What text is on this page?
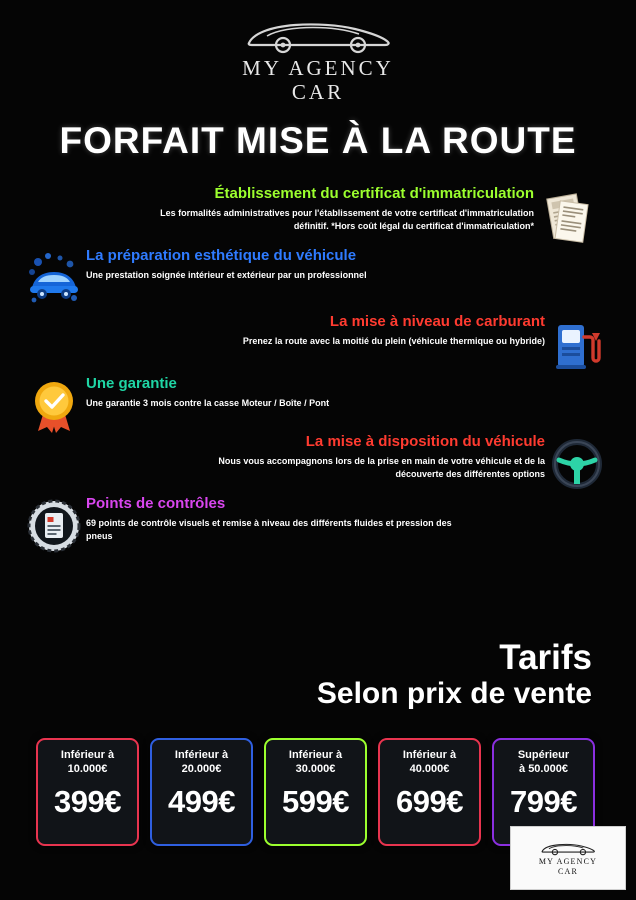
MY AGENCY
CAR
FORFAIT MISE À LA ROUTE
Établissement du certificat d'immatriculation

Les formalités administratives pour l'établissement de votre certificat d'immatriculation définitif. *Hors coût légal du certificat d'immatriculation*

La préparation esthétique du véhicule

Une prestation soignée intérieur et extérieur par un professionnel

La mise à niveau de carburant

Prenez la route avec la moitié du plein (véhicule thermique ou hybride)

Une garantie

Une garantie 3 mois contre la casse Moteur / Boîte / Pont

La mise à disposition du véhicule

Nous vous accompagnons lors de la prise en main de votre véhicule et de la découverte des différentes options

Points de contrôles

69 points de contrôle visuels et remise à niveau des différents fluides et pression des pneus

Tarifs
Selon prix de vente
Inférieur à
10.000€
399€
Inférieur à
20.000€
499€
Inférieur à
30.000€
599€
Inférieur à
40.000€
699€
Supérieur
à 50.000€
799€
MY AGENCY
CAR
